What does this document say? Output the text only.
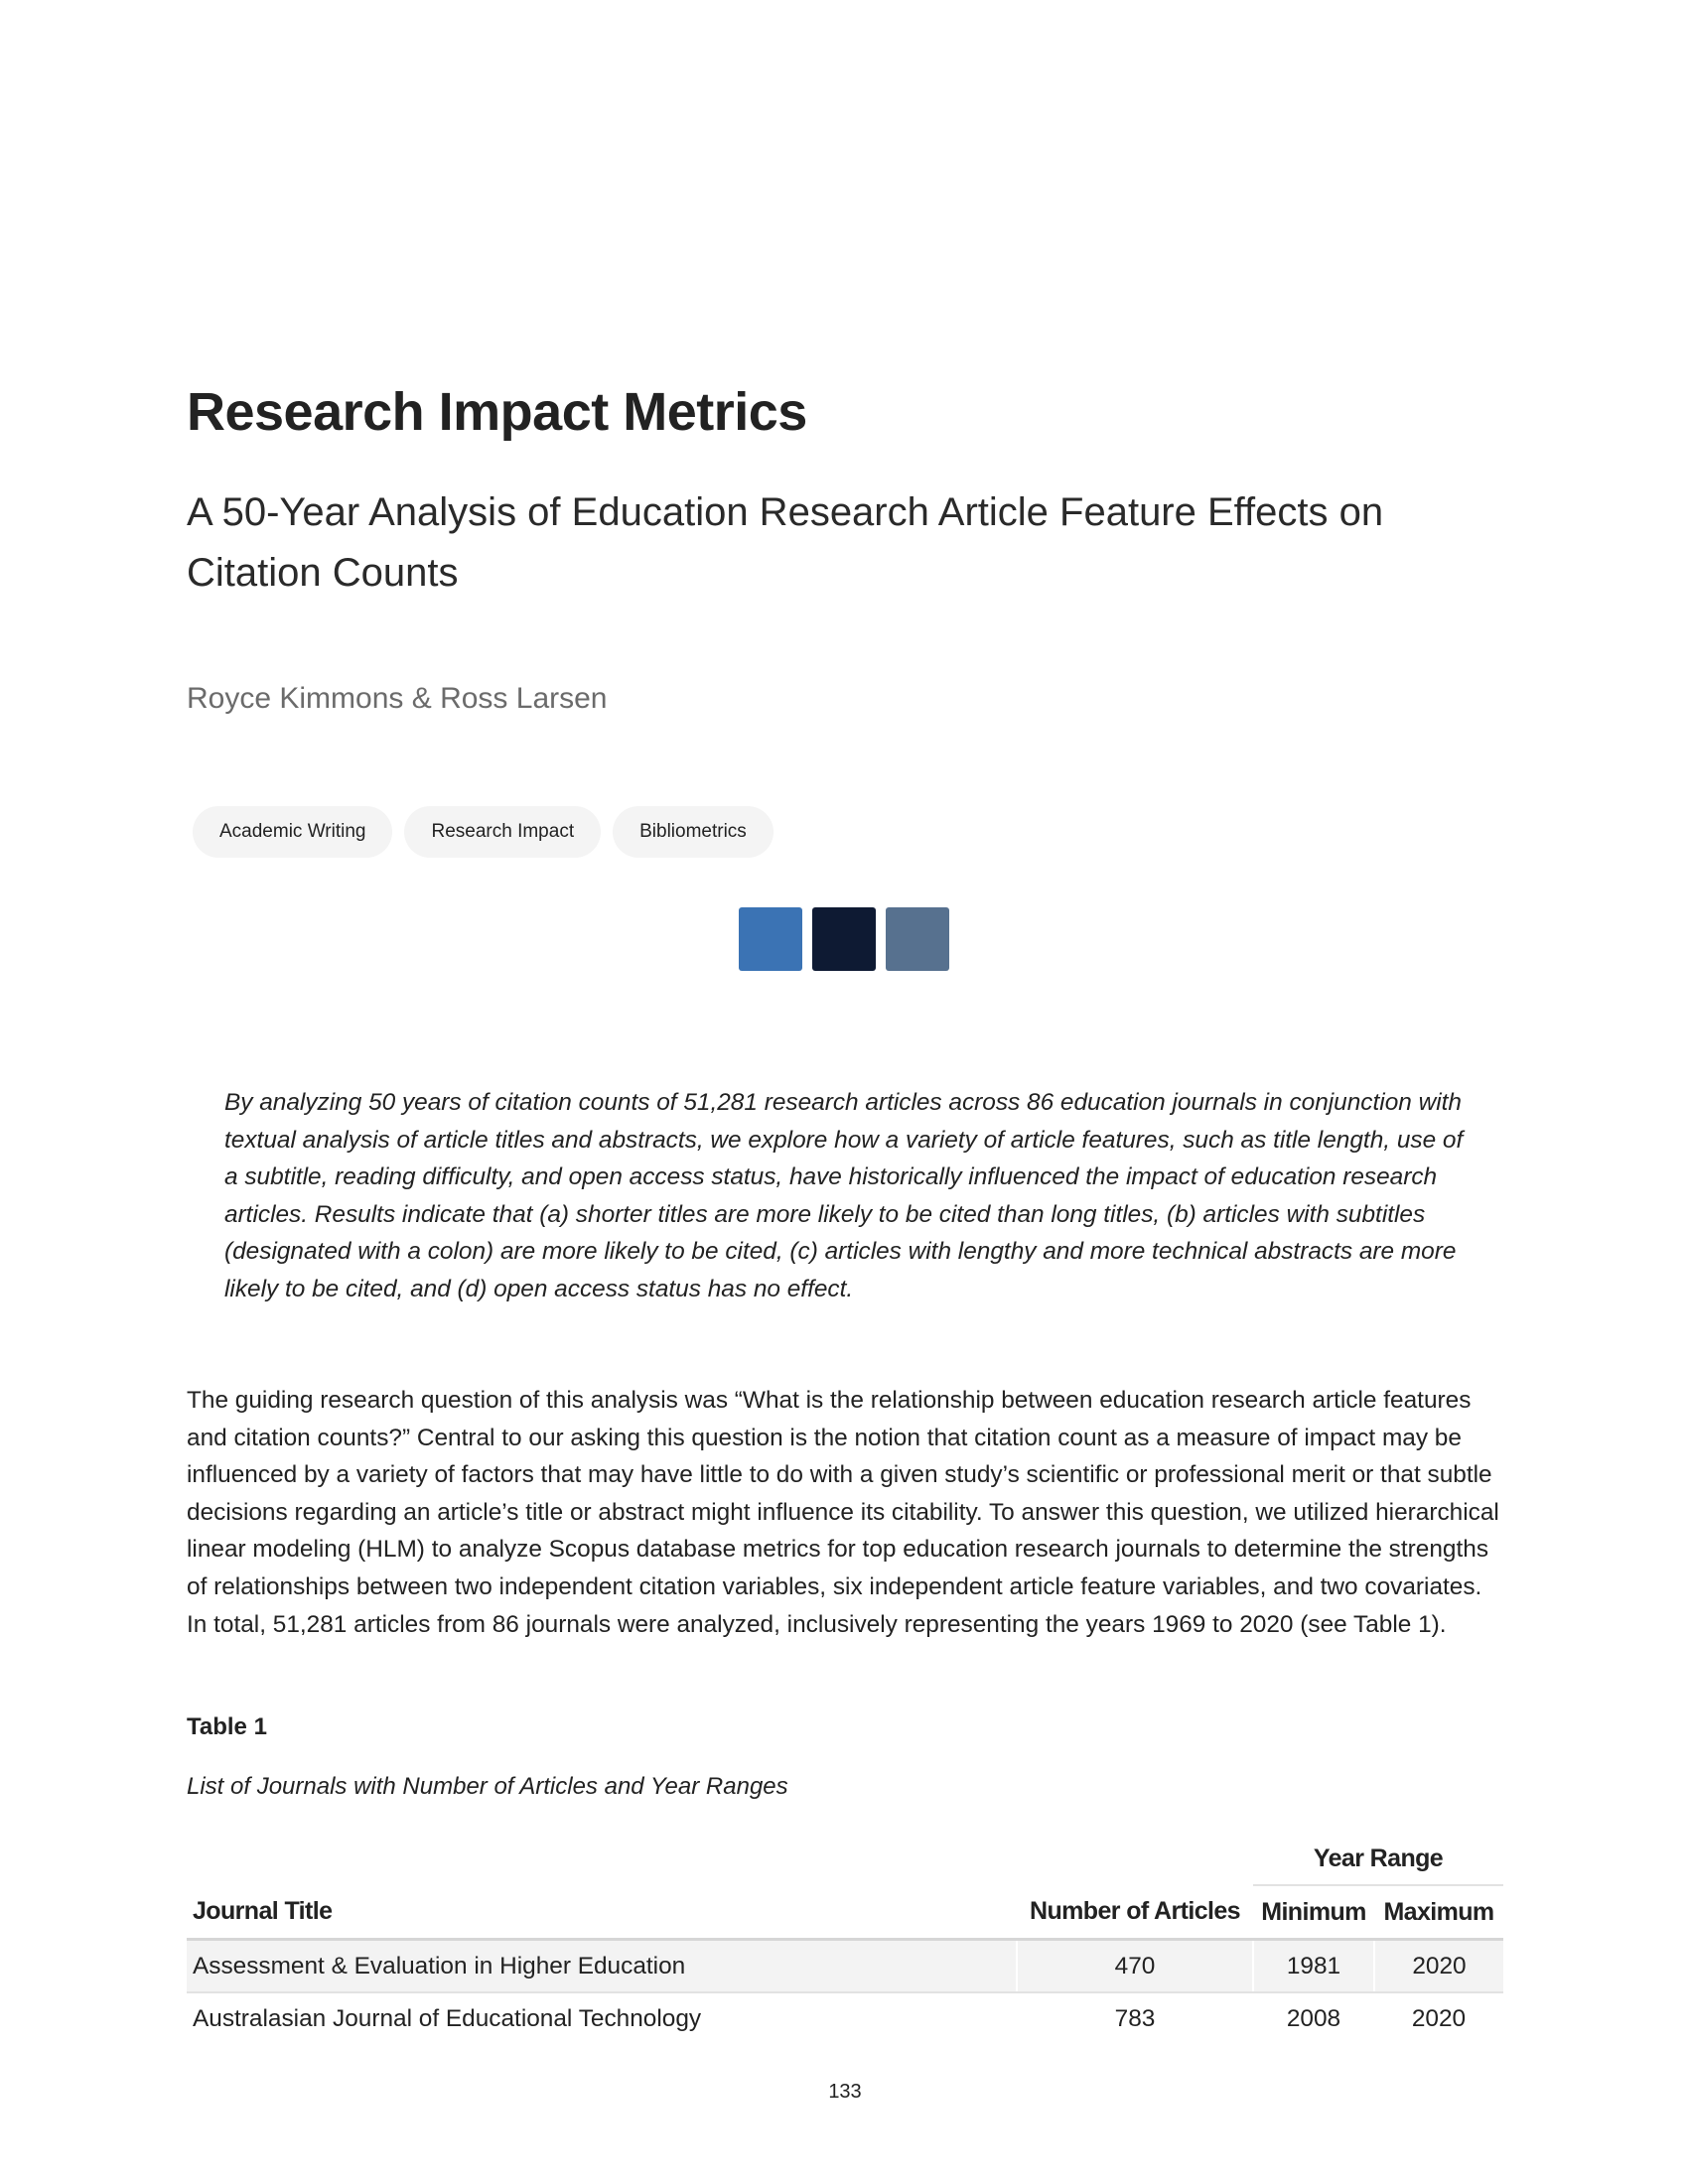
Research Impact Metrics
A 50-Year Analysis of Education Research Article Feature Effects on Citation Counts

Royce Kimmons & Ross Larsen

Academic Writing	Research Impact	Bibliometrics

By analyzing 50 years of citation counts of 51,281 research articles across 86 education journals in conjunction with textual analysis of article titles and abstracts, we explore how a variety of article features, such as title length, use of a subtitle, reading difficulty, and open access status, have historically influenced the impact of education research articles. Results indicate that (a) shorter titles are more likely to be cited than long titles, (b) articles with subtitles (designated with a colon) are more likely to be cited, (c) articles with lengthy and more technical abstracts are more likely to be cited, and (d) open access status has no effect.

The guiding research question of this analysis was “What is the relationship between education research article features and citation counts?” Central to our asking this question is the notion that citation count as a measure of impact may be influenced by a variety of factors that may have little to do with a given study’s scientific or professional merit or that subtle decisions regarding an article’s title or abstract might influence its citability. To answer this question, we utilized hierarchical linear modeling (HLM) to analyze Scopus database metrics for top education research journals to determine the strengths of relationships between two independent citation variables, six independent article feature variables, and two covariates. In total, 51,281 articles from 86 journals were analyzed, inclusively representing the years 1969 to 2020 (see Table 1).

Table 1

List of Journals with Number of Articles and Year Ranges

		Year Range	
Journal Title	Number of Articles	Minimum	Maximum
Assessment & Evaluation in Higher Education	470	1981	2020
Australasian Journal of Educational Technology	783	2008	2020

133
